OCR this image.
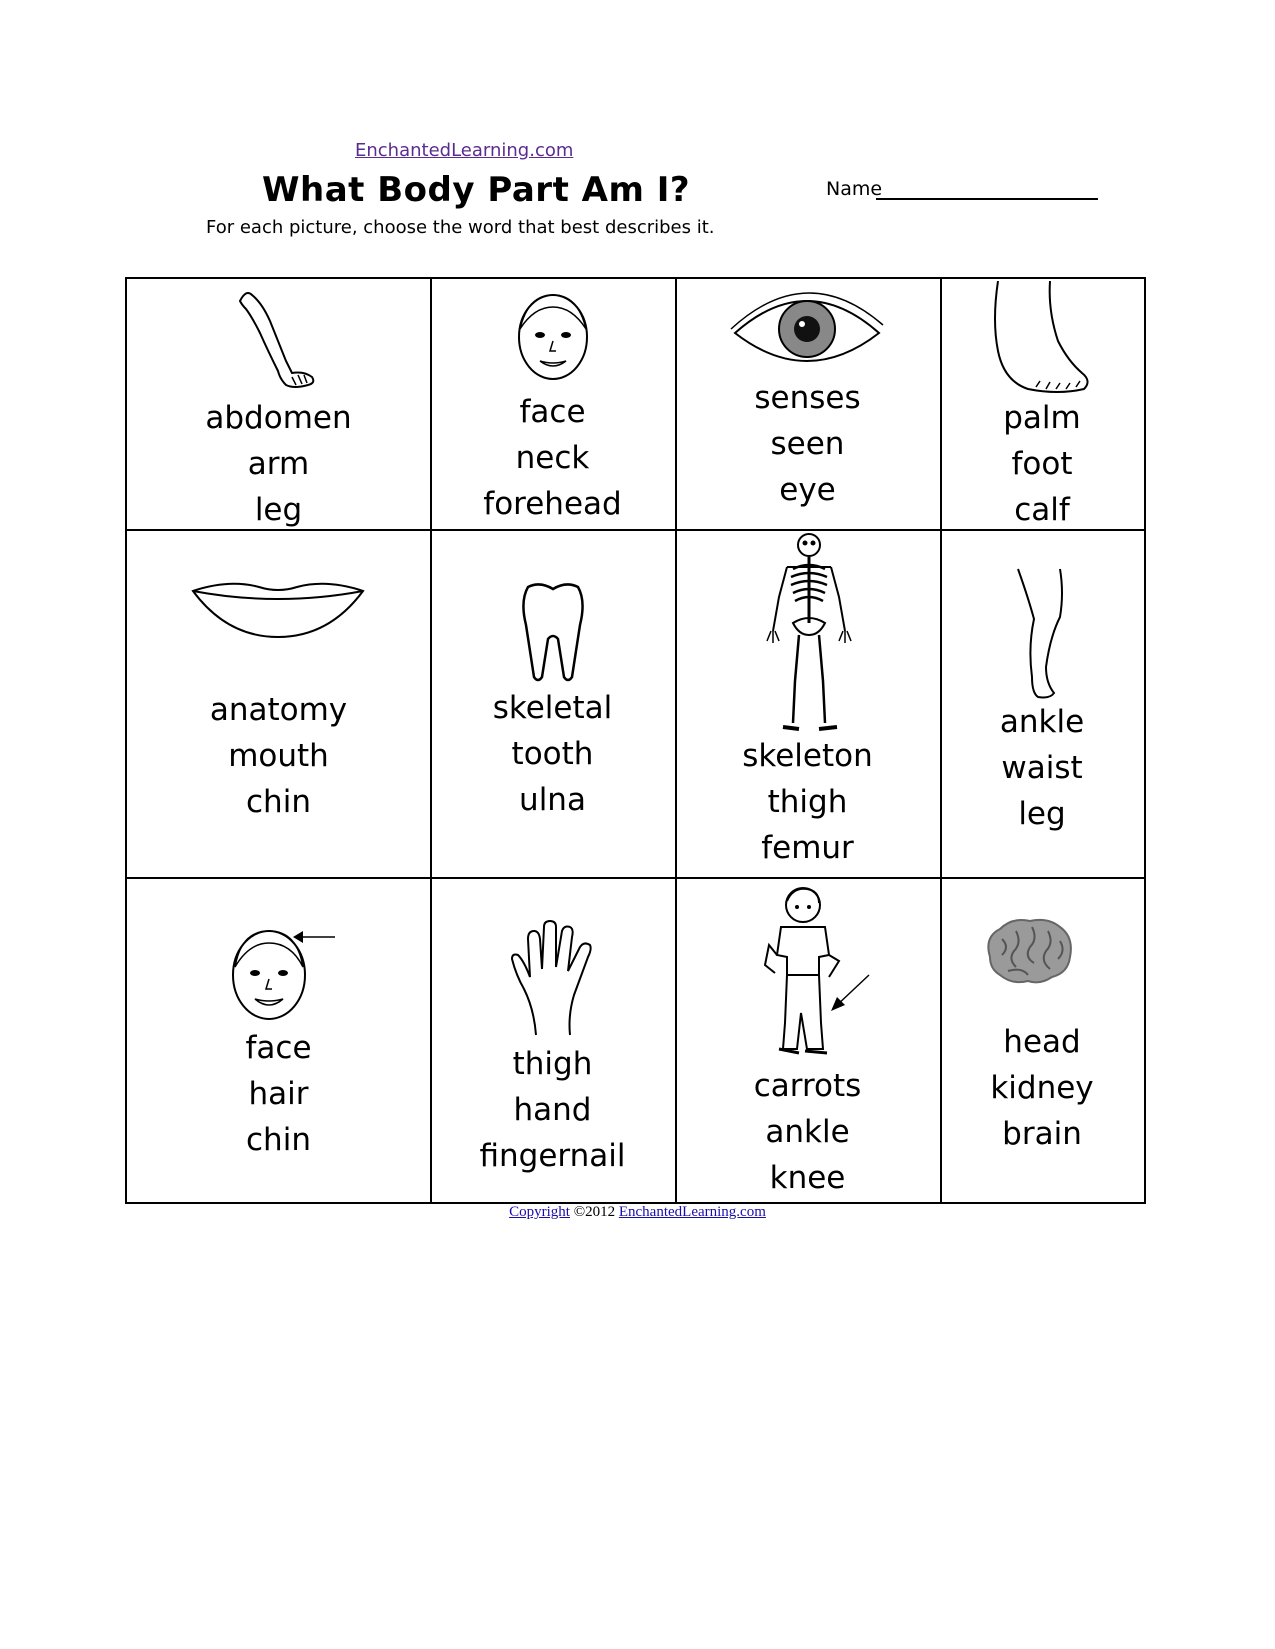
EnchantedLearning.com
What Body Part Am I?	Name
For each picture, choose the word that best describes it.
abdomen
arm
leg
face
neck
forehead
senses
seen
eye
palm
foot
calf
anatomy
mouth
chin
skeletal
tooth
ulna
skeleton
thigh
femur
ankle
waist
leg
face
hair
chin
thigh
hand
fingernail
carrots
ankle
knee
head
kidney
brain
Copyright ©2012 EnchantedLearning.com
